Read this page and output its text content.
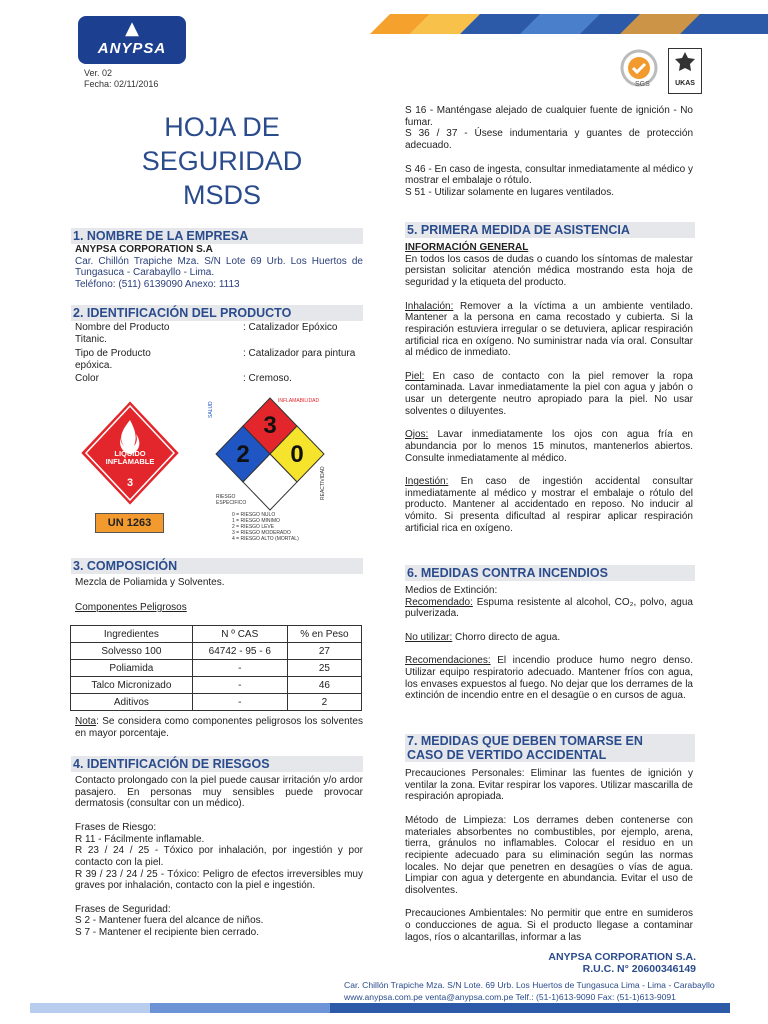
▲
ANYPSA
Ver. 02
Fecha: 02/11/2016	SGS	UKAS
HOJA DE
SEGURIDAD
MSDS
1. NOMBRE DE LA EMPRESA

ANYPSA CORPORATION S.A

Car. Chillón Trapiche Mza. S/N Lote 69 Urb. Los Huertos de Tungasuca - Carabayllo - Lima.

Teléfono: (511) 6139090 Anexo: 1113

2. IDENTIFICACIÓN DEL PRODUCTO
Nombre del Producto	: Catalizador Epóxico

Titanic.

Tipo de Producto	: Catalizador para pintura

epóxica.

Color	: Cremoso.
3
LIQUIDO INFLAMABLE
UN 1263
3
2 0
INFLAMABILIDAD
SALUD
REACTIVIDAD
RIESGO ESPECIFICO
0 = RIESGO NULO
1 = RIESGO MINIMO
2 = RIESGO LEVE
3 = RIESGO MODERADO
4 = RIESGO ALTO (MORTAL)
3. COMPOSICIÓN
Mezcla de Poliamida y Solventes.
Componentes Peligrosos
Ingredientes	N º CAS	% en Peso
Solvesso 100	64742 - 95 - 6	27
Poliamida	-	25
Talco Micronizado	-	46
Aditivos	-	2
Nota: Se considera como componentes peligrosos los solventes en mayor porcentaje.
4. IDENTIFICACIÓN DE RIESGOS

Contacto prolongado con la piel puede causar irritación y/o ardor pasajero. En personas muy sensibles puede provocar dermatosis (consultar con un médico).

Frases de Riesgo:

R 11 - Fácilmente inflamable.

R 23 / 24 / 25 - Tóxico por inhalación, por ingestión y por contacto con la piel.

R 39 / 23 / 24 / 25 - Tóxico: Peligro de efectos irreversibles muy graves por inhalación, contacto con la piel e ingestión.

Frases de Seguridad:

S 2 - Mantener fuera del alcance de niños.

S 7 - Mantener el recipiente bien cerrado.

S 16 - Manténgase alejado de cualquier fuente de ignición - No fumar.

S 36 / 37 - Úsese indumentaria y guantes de protección adecuado.

S 46 - En caso de ingesta, consultar inmediatamente al médico y mostrar el embalaje o rótulo.

S 51 - Utilizar solamente en lugares ventilados.

5. PRIMERA MEDIDA DE ASISTENCIA

INFORMACIÓN GENERAL

En todos los casos de dudas o cuando los síntomas de malestar persistan solicitar atención médica mostrando esta hoja de seguridad y la etiqueta del producto.

Inhalación: Remover a la víctima a un ambiente ventilado. Mantener a la persona en cama recostado y cubierta. Si la respiración estuviera irregular o se detuviera, aplicar respiración artificial rica en oxígeno. No suministrar nada vía oral. Consultar al médico de inmediato.

Piel: En caso de contacto con la piel remover la ropa contaminada. Lavar inmediatamente la piel con agua y jabón o usar un detergente neutro apropiado para la piel. No usar solventes o diluyentes.

Ojos: Lavar inmediatamente los ojos con agua fría en abundancia por lo menos 15 minutos, mantenerlos abiertos. Consulte inmediatamente al médico.

Ingestión: En caso de ingestión accidental consultar inmediatamente al médico y mostrar el embalaje o rótulo del producto. Mantener al accidentado en reposo. No inducir al vómito. Si presenta dificultad al respirar aplicar respiración artificial rica en oxígeno.

6. MEDIDAS CONTRA INCENDIOS

Medios de Extinción:

Recomendado: Espuma resistente al alcohol, CO₂, polvo, agua pulverizada.

No utilizar: Chorro directo de agua.

Recomendaciones: El incendio produce humo negro denso. Utilizar equipo respiratorio adecuado. Mantener fríos con agua, los envases expuestos al fuego. No dejar que los derrames de la extinción de incendio entre en el desagüe o en cursos de agua.

7. MEDIDAS QUE DEBEN TOMARSE EN
CASO DE VERTIDO ACCIDENTAL

Precauciones Personales: Eliminar las fuentes de ignición y ventilar la zona. Evitar respirar los vapores. Utilizar mascarilla de respiración apropiada.

Método de Limpieza: Los derrames deben contenerse con materiales absorbentes no combustibles, por ejemplo, arena, tierra, gránulos no inflamables. Colocar el residuo en un recipiente adecuado para su eliminación según las normas locales. No dejar que penetren en desagües o vías de agua. Limpiar con agua y detergente en abundancia. Evitar el uso de disolventes.

Precauciones Ambientales: No permitir que entre en sumideros o conducciones de agua. Si el producto llegase a contaminar lagos, ríos o alcantarillas, informar a las

ANYPSA CORPORATION S.A.
R.U.C. N° 20600346149
Car. Chillón Trapiche Mza. S/N Lote. 69 Urb. Los Huertos de Tungasuca Lima - Lima - Carabayllo
www.anypsa.com.pe venta@anypsa.com.pe Telf.: (51-1)613-9090 Fax: (51-1)613-9091
